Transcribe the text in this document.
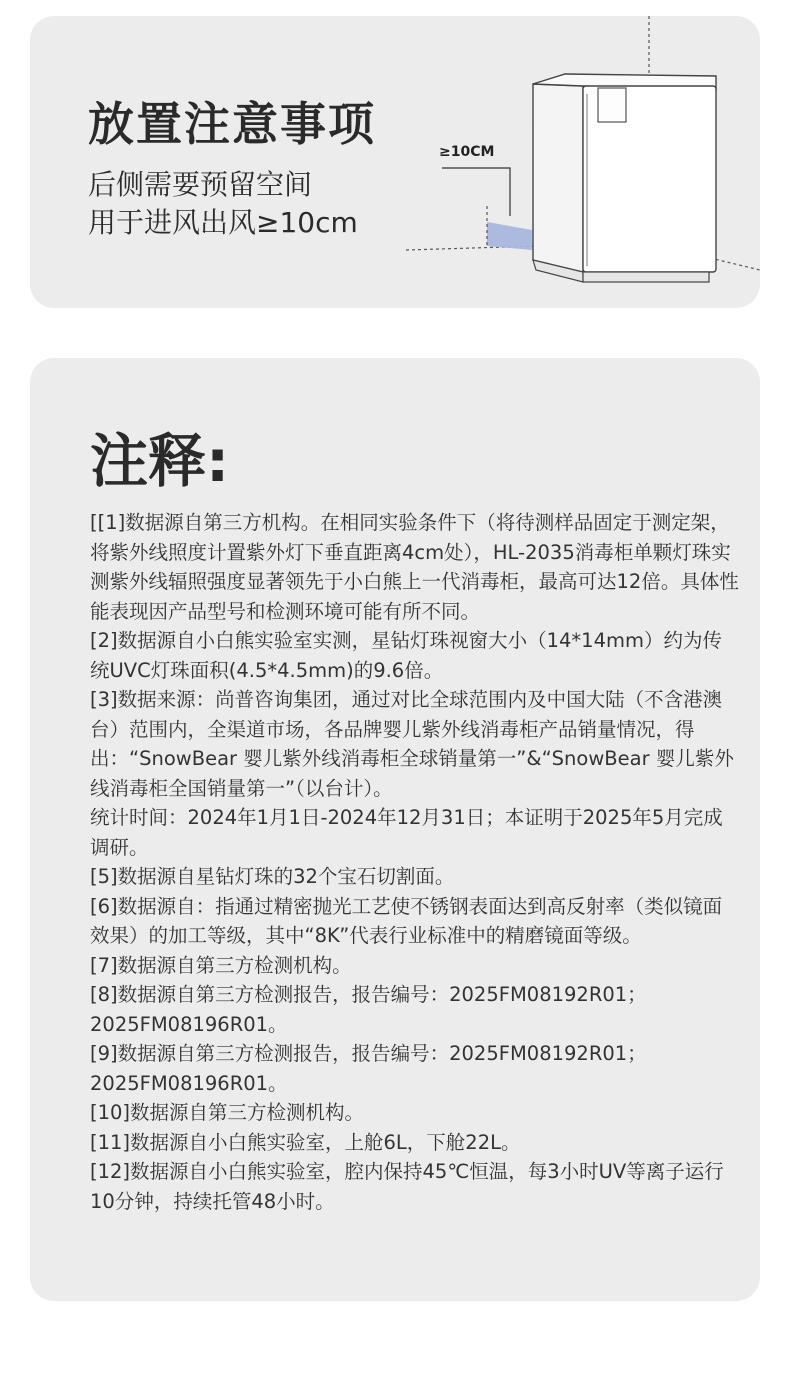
放置注意事项
后侧需要预留空间
用于进风出风≥10cm
≥10CM
注释:

[[1]数据源自第三方机构。在相同实验条件下（将待测样品固定于测定架，将紫外线照度计置紫外灯下垂直距离4cm处），HL-2035消毒柜单颗灯珠实测紫外线辐照强度显著领先于小白熊上一代消毒柜，最高可达12倍。具体性能表现因产品型号和检测环境可能有所不同。

[2]数据源自小白熊实验室实测，星钻灯珠视窗大小（14*14mm）约为传统UVC灯珠面积(4.5*4.5mm)的9.6倍。

[3]数据来源：尚普咨询集团，通过对比全球范围内及中国大陆（不含港澳台）范围内，全渠道市场，各品牌婴儿紫外线消毒柜产品销量情况，得出：“SnowBear 婴儿紫外线消毒柜全球销量第一”&“SnowBear 婴儿紫外线消毒柜全国销量第一”（以台计）。

统计时间：2024年1月1日-2024年12月31日；本证明于2025年5月完成调研。

[5]数据源自星钻灯珠的32个宝石切割面。

[6]数据源自：指通过精密抛光工艺使不锈钢表面达到高反射率（类似镜面效果）的加工等级，其中“8K”代表行业标准中的精磨镜面等级。

[7]数据源自第三方检测机构。

[8]数据源自第三方检测报告，报告编号：2025FM08192R01；2025FM08196R01。

[9]数据源自第三方检测报告，报告编号：2025FM08192R01；2025FM08196R01。

[10]数据源自第三方检测机构。

[11]数据源自小白熊实验室，上舱6L，下舱22L。

[12]数据源自小白熊实验室，腔内保持45℃恒温，每3小时UV等离子运行10分钟，持续托管48小时。
